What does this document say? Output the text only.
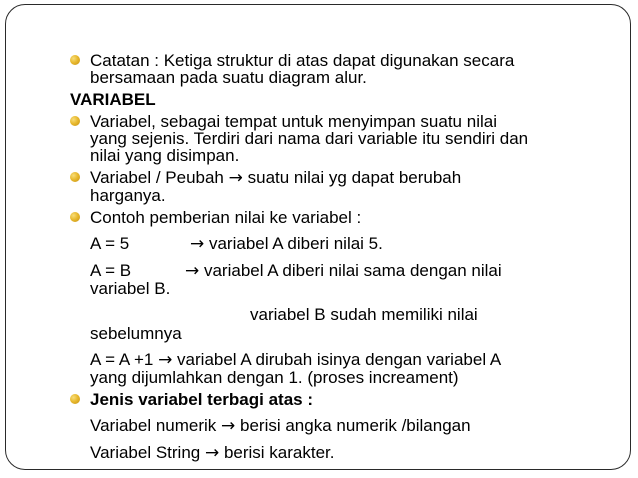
Catatan : Ketiga struktur di atas dapat digunakan secara
bersamaan pada suatu diagram alur.
VARIABEL
Variabel, sebagai tempat untuk menyimpan suatu nilai
yang sejenis. Terdiri dari nama dari variable itu sendiri dan
nilai yang disimpan.
Variabel / Peubah → suatu nilai yg dapat berubah
harganya.
Contoh pemberian nilai ke variabel :
A = 5	→ variabel A diberi nilai 5.
A = B	→ variabel A diberi nilai sama dengan nilai
variabel B.
variabel B sudah memiliki nilai
sebelumnya
A = A +1 → variabel A dirubah isinya dengan variabel A
yang dijumlahkan dengan 1. (proses increament)
Jenis variabel terbagi atas :
Variabel numerik → berisi angka numerik /bilangan
Variabel String → berisi karakter.
